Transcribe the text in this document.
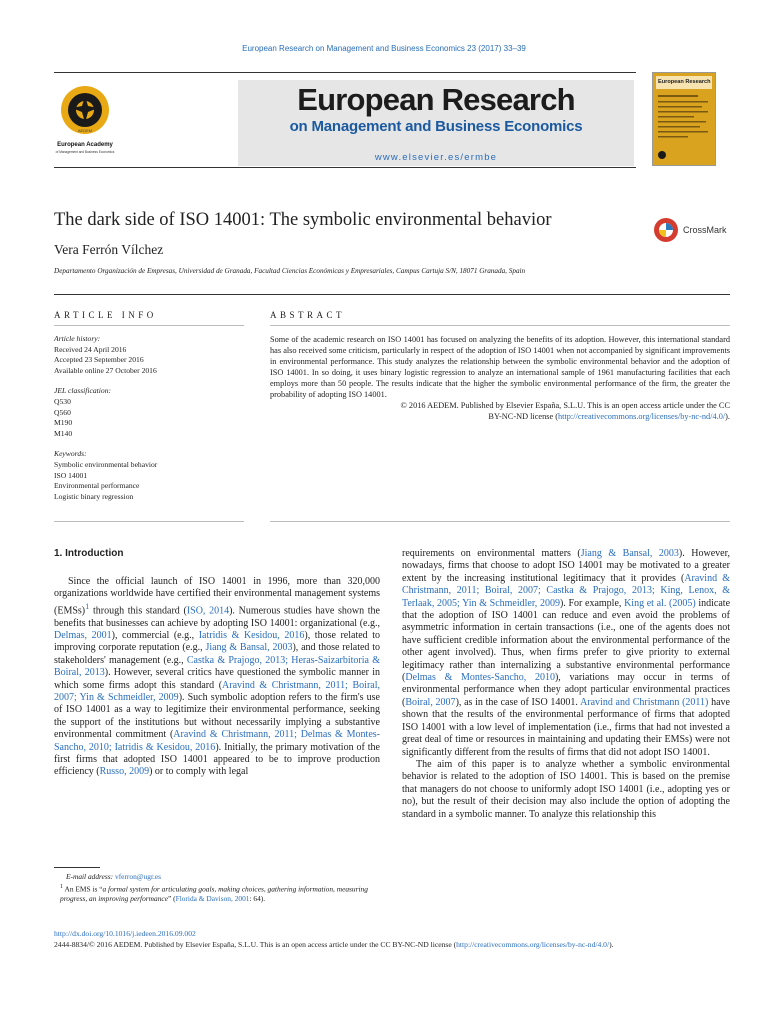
European Research on Management and Business Economics 23 (2017) 33–39
AEDEM
European Academy
of Management and Business Economics
European Research
on Management and Business Economics
www.elsevier.es/ermbe
European Research
The dark side of ISO 14001: The symbolic environmental behavior	CrossMark
Vera Ferrón Vílchez
Departamento Organización de Empresas, Universidad de Granada, Facultad Ciencias Económicas y Empresariales, Campus Cartuja S/N, 18071 Granada, Spain
ARTICLE INFO	ABSTRACT
Article history:
Received 24 April 2016
Accepted 23 September 2016
Available online 27 October 2016
JEL classification:
Q530
Q560
M190
M140
Keywords:
Symbolic environmental behavior
ISO 14001
Environmental performance
Logistic binary regression
Some of the academic research on ISO 14001 has focused on analyzing the benefits of its adoption. However, this international standard has also received some criticism, particularly in respect of the adoption of ISO 14001 when not accompanied by significant improvements in environmental performance. This study analyzes the relationship between the symbolic environmental behavior and the adoption of ISO 14001. In so doing, it uses binary logistic regression to analyze an international sample of 1961 manufacturing facilities that each employs more than 50 people. The results indicate that the higher the symbolic environmental performance of the firm, the greater the probability of adopting ISO 14001.
© 2016 AEDEM. Published by Elsevier España, S.L.U. This is an open access article under the CC
BY-NC-ND license (http://creativecommons.org/licenses/by-nc-nd/4.0/).
1. Introduction

Since the official launch of ISO 14001 in 1996, more than 320,000 organizations worldwide have certified their environmental management systems (EMSs)$^1$ through this standard (ISO, 2014). Numerous studies have shown the benefits that businesses can achieve by adopting ISO 14001: organizational (e.g., Delmas, 2001), commercial (e.g., Iatridis & Kesidou, 2016), those related to improving corporate reputation (e.g., Jiang & Bansal, 2003), and those related to stakeholders' management (e.g., Castka & Prajogo, 2013; Heras-Saizarbitoria & Boiral, 2013). However, several critics have questioned the symbolic manner in which some firms adopt this standard (Aravind & Christmann, 2011; Boiral, 2007; Yin & Schmeidler, 2009). Such symbolic adoption refers to the firm's use of ISO 14001 as a way to legitimize their environmental performance, seeking the support of the institutions but without necessarily implying a substantive environmental commitment (Aravind & Christmann, 2011; Delmas & Montes-Sancho, 2010; Iatridis & Kesidou, 2016). Initially, the primary motivation of the first firms that adopted ISO 14001 appeared to be to improve production efficiency (Russo, 2009) or to comply with legal

requirements on environmental matters (Jiang & Bansal, 2003). However, nowadays, firms that choose to adopt ISO 14001 may be motivated to a greater extent by the increasing institutional legitimacy that it provides (Aravind & Christmann, 2011; Boiral, 2007; Castka & Prajogo, 2013; King, Lenox, & Terlaak, 2005; Yin & Schmeidler, 2009). For example, King et al. (2005) indicate that the adoption of ISO 14001 can reduce and even avoid the problems of asymmetric information in certain transactions (i.e., one of the agents does not have sufficient credible information about the environmental performance of the other agent involved). Thus, when firms prefer to give priority to external legitimacy rather than internalizing a substantive environmental performance (Delmas & Montes-Sancho, 2010), variations may occur in terms of environmental performance when they adopt particular environmental practices (Boiral, 2007), as in the case of ISO 14001. Aravind and Christmann (2011) have shown that the results of the environmental performance of firms that adopted ISO 14001 with a low level of implementation (i.e., firms that had not invested a great deal of time or resources in maintaining and updating their EMSs) were not significantly different from the results of firms that did not adopt ISO 14001.

The aim of this paper is to analyze whether a symbolic environmental behavior is related to the adoption of ISO 14001. This is based on the premise that managers do not choose to uniformly adopt ISO 14001 (i.e., adopting yes or no), but the result of their decision may also include the option of adopting the standard in a symbolic manner. To analyze this relationship this

E-mail address: vferron@ugr.es
$^1$ An EMS is “a formal system for articulating goals, making choices, gathering information, measuring progress, an improving performance” (Florida & Davison, 2001: 64).
http://dx.doi.org/10.1016/j.iedeen.2016.09.002
2444-8834/© 2016 AEDEM. Published by Elsevier España, S.L.U. This is an open access article under the CC BY-NC-ND license (http://creativecommons.org/licenses/by-nc-nd/4.0/).
